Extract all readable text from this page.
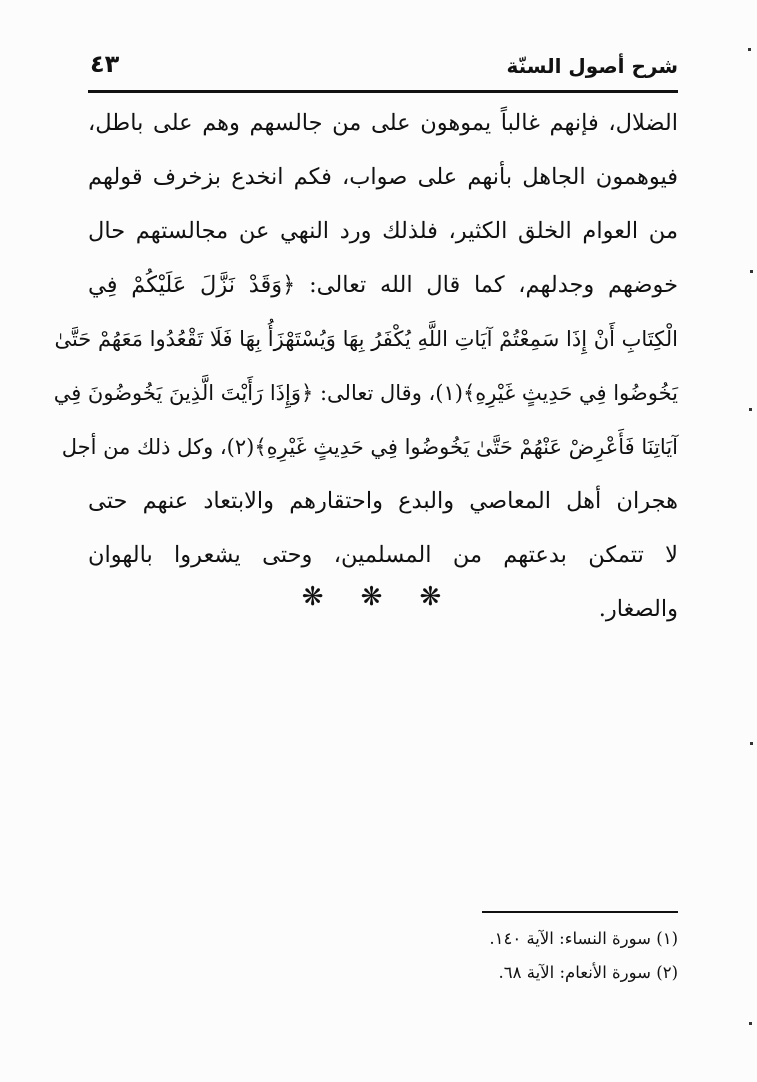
٤٣	شرح أصول السنّة
الضلال، فإنهم غالباً يموهون على من جالسهم وهم على باطل،
فيوهمون الجاهل بأنهم على صواب، فكم انخدع بزخرف قولهم
من العوام الخلق الكثير، فلذلك ورد النهي عن مجالستهم حال
خوضهم وجدلهم، كما قال الله تعالى: ﴿وَقَدْ نَزَّلَ عَلَيْكُمْ فِي
الْكِتَابِ أَنْ إِذَا سَمِعْتُمْ آيَاتِ اللَّهِ يُكْفَرُ بِهَا وَيُسْتَهْزَأُ بِهَا فَلَا تَقْعُدُوا مَعَهُمْ حَتَّىٰ
يَخُوضُوا فِي حَدِيثٍ غَيْرِهِ﴾(١)، وقال تعالى: ﴿وَإِذَا رَأَيْتَ الَّذِينَ يَخُوضُونَ فِي
آيَاتِنَا فَأَعْرِضْ عَنْهُمْ حَتَّىٰ يَخُوضُوا فِي حَدِيثٍ غَيْرِهِ﴾(٢)، وكل ذلك من أجل
هجران أهل المعاصي والبدع واحتقارهم والابتعاد عنهم حتى
لا تتمكن بدعتهم من المسلمين، وحتى يشعروا بالهوان
والصغار.
❋ ❋ ❋
(١) سورة النساء: الآية ١٤٠.
(٢) سورة الأنعام: الآية ٦٨.
